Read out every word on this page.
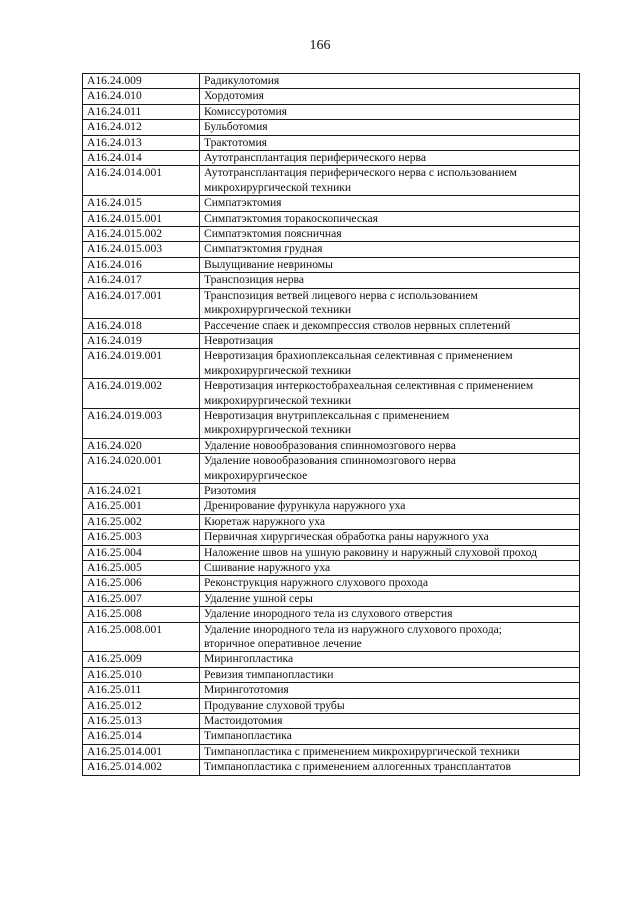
166
A16.24.009	Радикулотомия

A16.24.010	Хордотомия

A16.24.011	Комиссуротомия

A16.24.012	Бульботомия

A16.24.013	Трактотомия

A16.24.014	Аутотрансплантация периферического нерва

A16.24.014.001	Аутотрансплантация периферического нерва с использованием
микрохирургической техники

A16.24.015	Симпатэктомия

A16.24.015.001	Симпатэктомия торакоскопическая

A16.24.015.002	Симпатэктомия поясничная

A16.24.015.003	Симпатэктомия грудная

A16.24.016	Вылущивание невриномы

A16.24.017	Транспозиция нерва

A16.24.017.001	Транспозиция ветвей лицевого нерва с использованием
микрохирургической техники

A16.24.018	Рассечение спаек и декомпрессия стволов нервных сплетений

A16.24.019	Невротизация

A16.24.019.001	Невротизация брахиоплексальная селективная с применением
микрохирургической техники

A16.24.019.002	Невротизация интеркостобрахеальная селективная с применением
микрохирургической техники

A16.24.019.003	Невротизация внутриплексальная с применением
микрохирургической техники

A16.24.020	Удаление новообразования спинномозгового нерва

A16.24.020.001	Удаление новообразования спинномозгового нерва
микрохирургическое

A16.24.021	Ризотомия

A16.25.001	Дренирование фурункула наружного уха

A16.25.002	Кюретаж наружного уха

A16.25.003	Первичная хирургическая обработка раны наружного уха

A16.25.004	Наложение швов на ушную раковину и наружный слуховой проход

A16.25.005	Сшивание наружного уха

A16.25.006	Реконструкция наружного слухового прохода

A16.25.007	Удаление ушной серы

A16.25.008	Удаление инородного тела из слухового отверстия

A16.25.008.001	Удаление инородного тела из наружного слухового прохода;
вторичное оперативное лечение

A16.25.009	Мирингопластика

A16.25.010	Ревизия тимпанопластики

A16.25.011	Мирингототомия

A16.25.012	Продувание слуховой трубы

A16.25.013	Мастоидотомия

A16.25.014	Тимпанопластика

A16.25.014.001	Тимпанопластика с применением микрохирургической техники

A16.25.014.002	Тимпанопластика с применением аллогенных трансплантатов
